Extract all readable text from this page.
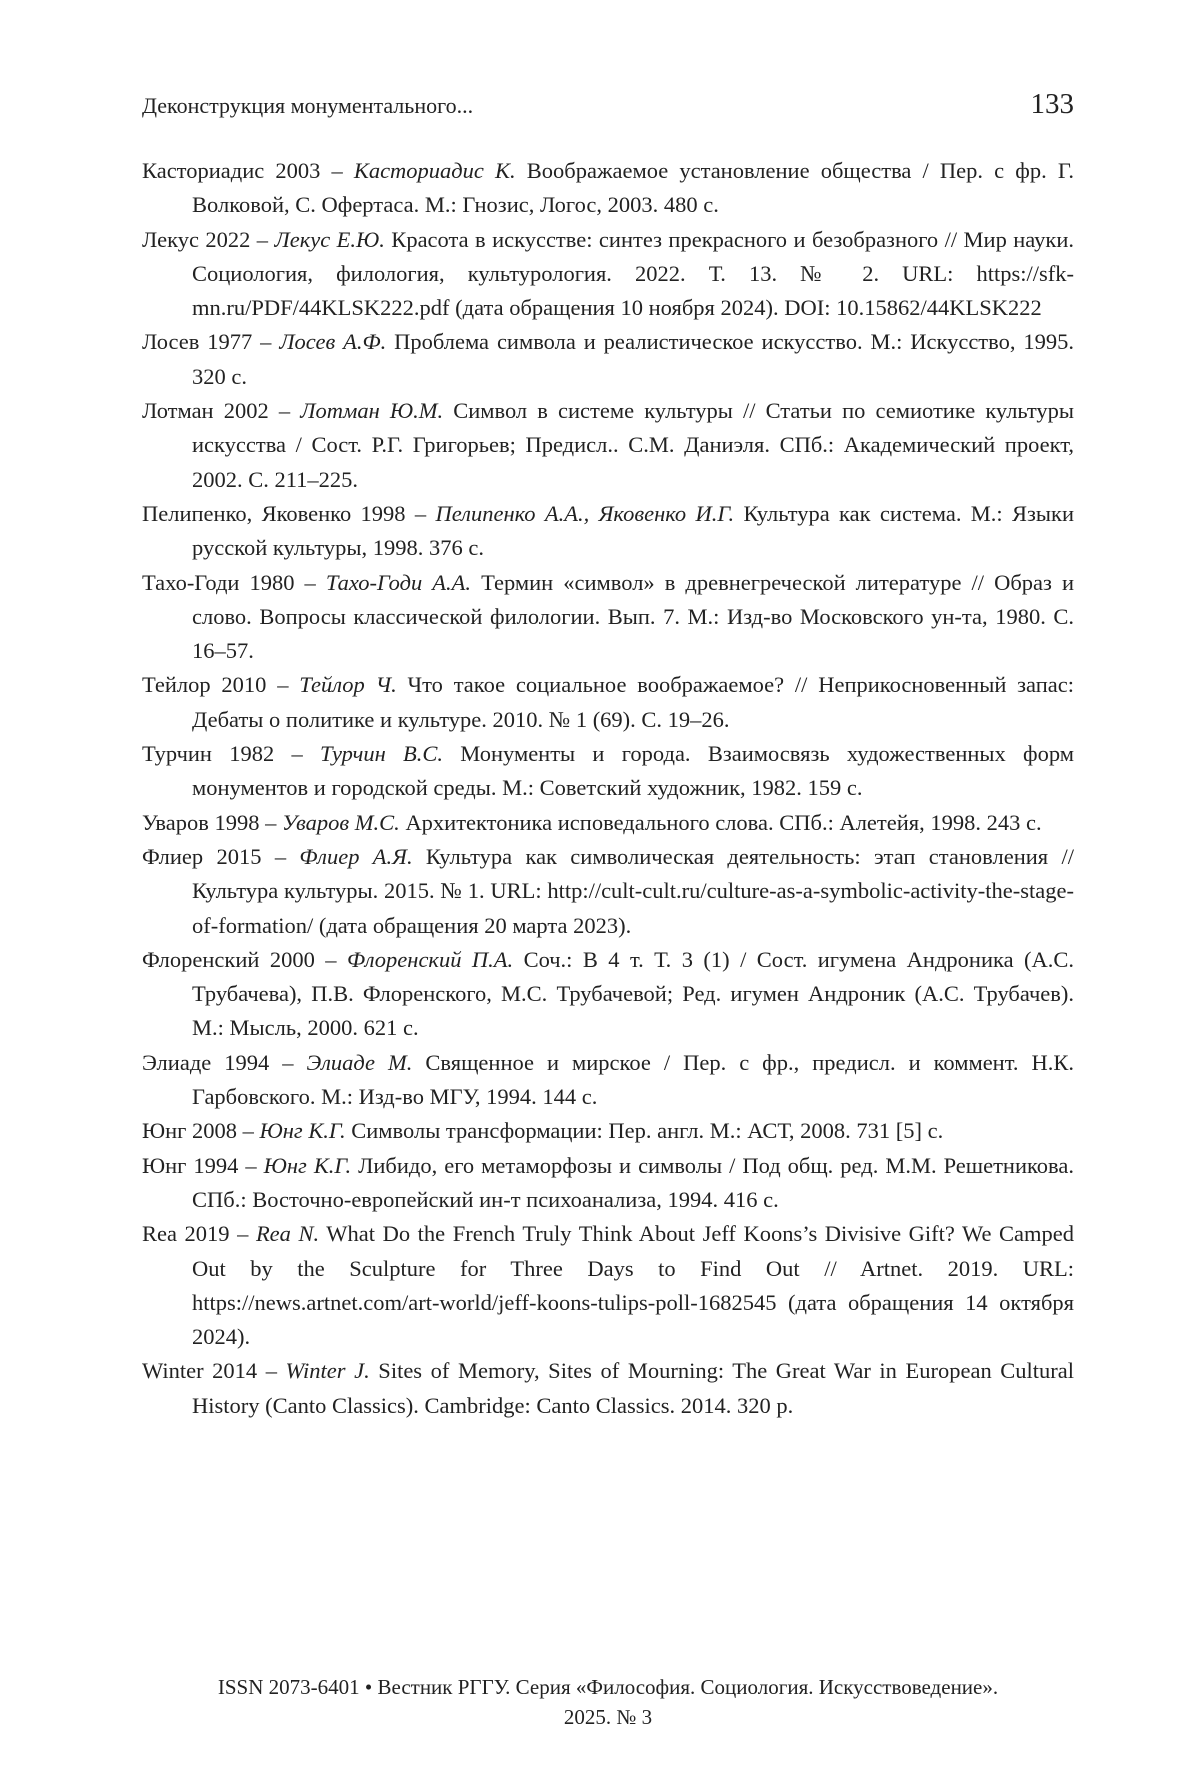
Деконструкция монументального...	133

Касториадис 2003 – Касториадис К. Воображаемое установление общества / Пер. с фр. Г. Волковой, С. Офертаса. М.: Гнозис, Логос, 2003. 480 с.

Лекус 2022 – Лекус Е.Ю. Красота в искусстве: синтез прекрасного и безобразного // Мир науки. Социология, филология, культурология. 2022. Т. 13. № 2. URL: https://sfk-mn.ru/PDF/44KLSK222.pdf (дата обращения 10 ноября 2024). DOI: 10.15862/44KLSK222

Лосев 1977 – Лосев А.Ф. Проблема символа и реалистическое искусство. М.: Искусство, 1995. 320 с.

Лотман 2002 – Лотман Ю.М. Символ в системе культуры // Статьи по семиотике культуры искусства / Сост. Р.Г. Григорьев; Предисл.. С.М. Даниэля. СПб.: Академический проект, 2002. С. 211–225.

Пелипенко, Яковенко 1998 – Пелипенко А.А., Яковенко И.Г. Культура как система. М.: Языки русской культуры, 1998. 376 с.

Тахо-Годи 1980 – Тахо-Годи А.А. Термин «символ» в древнегреческой литературе // Образ и слово. Вопросы классической филологии. Вып. 7. М.: Изд-во Московского ун-та, 1980. С. 16–57.

Тейлор 2010 – Тейлор Ч. Что такое социальное воображаемое? // Неприкосновенный запас: Дебаты о политике и культуре. 2010. № 1 (69). С. 19–26.

Турчин 1982 – Турчин В.С. Монументы и города. Взаимосвязь художественных форм монументов и городской среды. М.: Советский художник, 1982. 159 с.

Уваров 1998 – Уваров М.С. Архитектоника исповедального слова. СПб.: Алетейя, 1998. 243 с.

Флиер 2015 – Флиер А.Я. Культура как символическая деятельность: этап становления // Культура культуры. 2015. № 1. URL: http://cult-cult.ru/culture-as-a-symbolic-activity-the-stage-of-formation/ (дата обращения 20 марта 2023).

Флоренский 2000 – Флоренский П.А. Соч.: В 4 т. Т. 3 (1) / Сост. игумена Андроника (А.С. Трубачева), П.В. Флоренского, М.С. Трубачевой; Ред. игумен Андроник (А.С. Трубачев). М.: Мысль, 2000. 621 с.

Элиаде 1994 – Элиаде М. Священное и мирское / Пер. с фр., предисл. и коммент. Н.К. Гарбовского. М.: Изд-во МГУ, 1994. 144 с.

Юнг 2008 – Юнг К.Г. Символы трансформации: Пер. англ. М.: АСТ, 2008. 731 [5] с.

Юнг 1994 – Юнг К.Г. Либидо, его метаморфозы и символы / Под общ. ред. М.М. Решетникова. СПб.: Восточно-европейский ин-т психоанализа, 1994. 416 с.

Rea 2019 – Rea N. What Do the French Truly Think About Jeff Koons’s Divisive Gift? We Camped Out by the Sculpture for Three Days to Find Out // Artnet. 2019. URL: https://news.artnet.com/art-world/jeff-koons-tulips-poll-1682545 (дата обращения 14 октября 2024).

Winter 2014 – Winter J. Sites of Memory, Sites of Mourning: The Great War in European Cultural History (Canto Classics). Cambridge: Canto Classics. 2014. 320 p.

ISSN 2073-6401 • Вестник РГГУ. Серия «Философия. Социология. Искусствоведение».
2025. № 3
